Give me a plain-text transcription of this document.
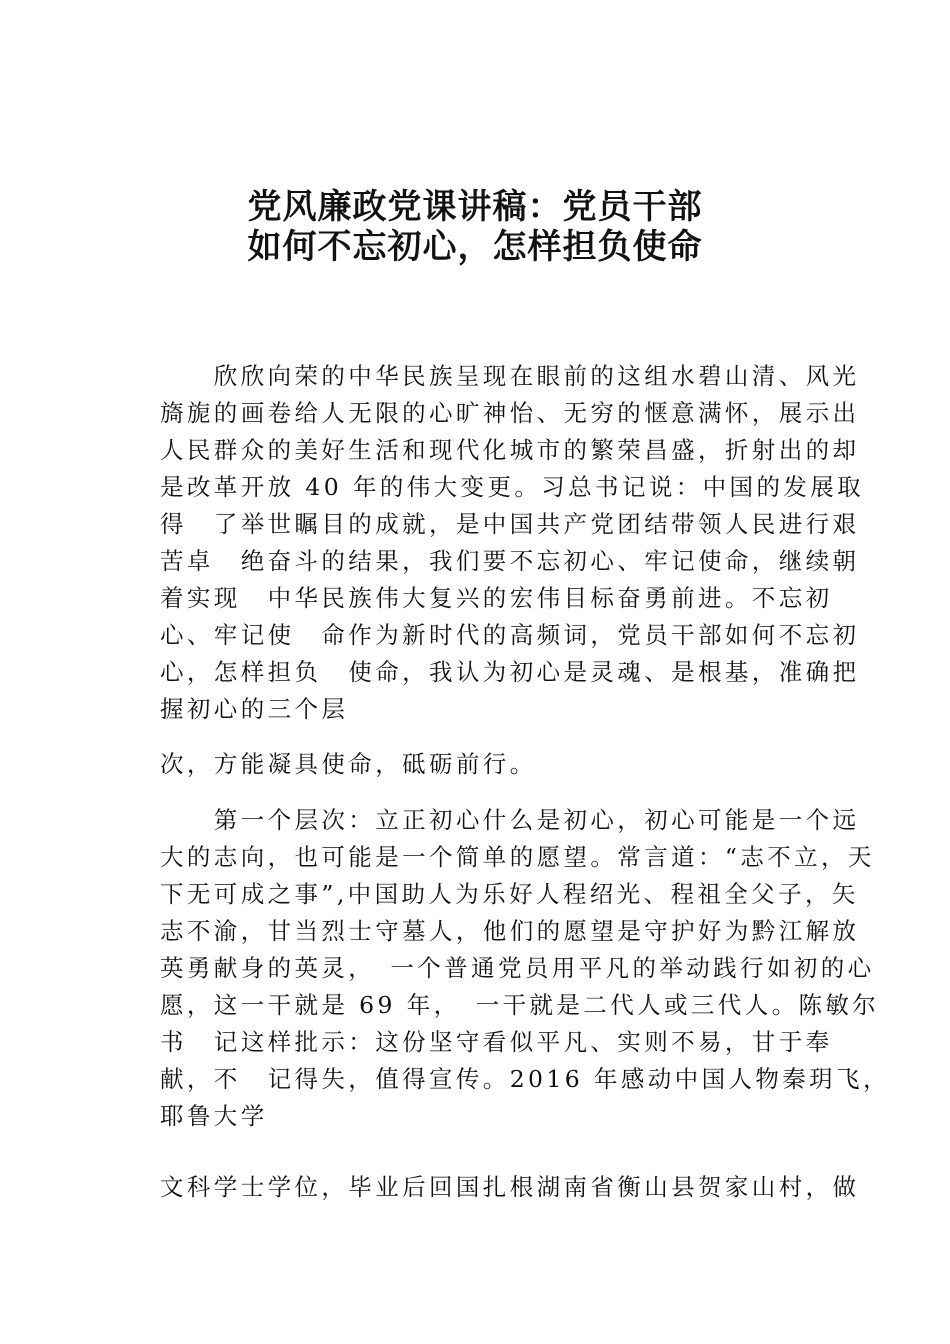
党风廉政党课讲稿：党员干部
如何不忘初心，怎样担负使命
　　欣欣向荣的中华民族呈现在眼前的这组水碧山清、风光
旖旎的画卷给人无限的心旷神怡、无穷的惬意满怀，展示出
人民群众的美好生活和现代化城市的繁荣昌盛，折射出的却
是改革开放 40 年的伟大变更。习总书记说：中国的发展取
得　了举世瞩目的成就，是中国共产党团结带领人民进行艰
苦卓　绝奋斗的结果，我们要不忘初心、牢记使命，继续朝
着实现　中华民族伟大复兴的宏伟目标奋勇前进。不忘初
心、牢记使　命作为新时代的高频词，党员干部如何不忘初
心，怎样担负　使命，我认为初心是灵魂、是根基，准确把
握初心的三个层
次，方能凝具使命，砥砺前行。
　　第一个层次：立正初心什么是初心，初心可能是一个远
大的志向，也可能是一个简单的愿望。常言道：“志不立，天
下无可成之事”,中国助人为乐好人程绍光、程祖全父子，矢
志不渝，甘当烈士守墓人，他们的愿望是守护好为黔江解放
英勇献身的英灵，　一个普通党员用平凡的举动践行如初的心
愿，这一干就是 69 年，　一干就是二代人或三代人。陈敏尔
书　记这样批示：这份坚守看似平凡、实则不易，甘于奉
献，不　记得失，值得宣传。2016 年感动中国人物秦玥飞，
耶鲁大学
文科学士学位，毕业后回国扎根湖南省衡山县贺家山村，做
